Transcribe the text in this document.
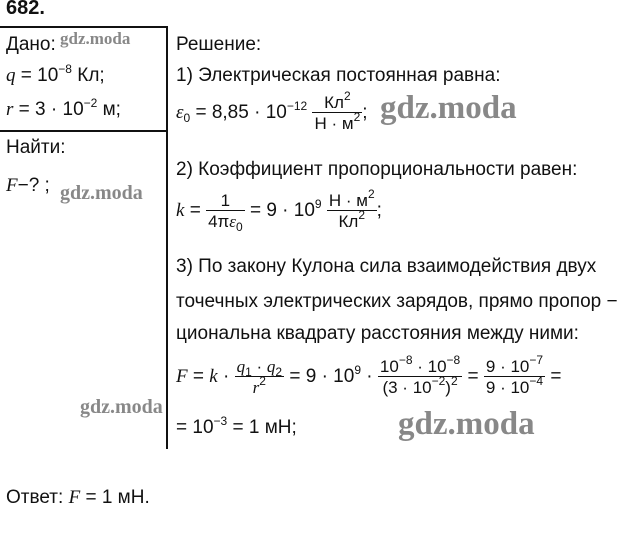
682.
Дано:
$q = 10^{-8}$ Кл;
$r = 3 \cdot 10^{-2}$ м;
Найти:
F−? ;
Решение:
1) Электрическая постоянная равна:
$\varepsilon_0 = 8,85 \cdot 10^{-12} \frac{Кл^2}{Н \cdot м^2}$ ;
2) Коэффициент пропорциональности равен:
$k = \frac{1}{4\pi\varepsilon_0} = 9 \cdot 10^9 \frac{Н \cdot м^2}{Кл^2}$ ;
3) По закону Кулона сила взаимодействия двух
точечных электрических зарядов, прямо пропор −
циональна квадрату расстояния между ними:
$F = k \cdot \frac{q_1 \cdot q_2}{r^2} = 9 \cdot 10^9 \cdot \frac{10^{-8} \cdot 10^{-8}}{(3 \cdot 10^{-2})^2} = \frac{9 \cdot 10^{-7}}{9 \cdot 10^{-4}}$ =
= $10^{-3} = 1$ мН;
Ответ: F = 1 мН.
gdz.moda
gdz.moda
gdz.moda
gdz.moda	gdz.moda
